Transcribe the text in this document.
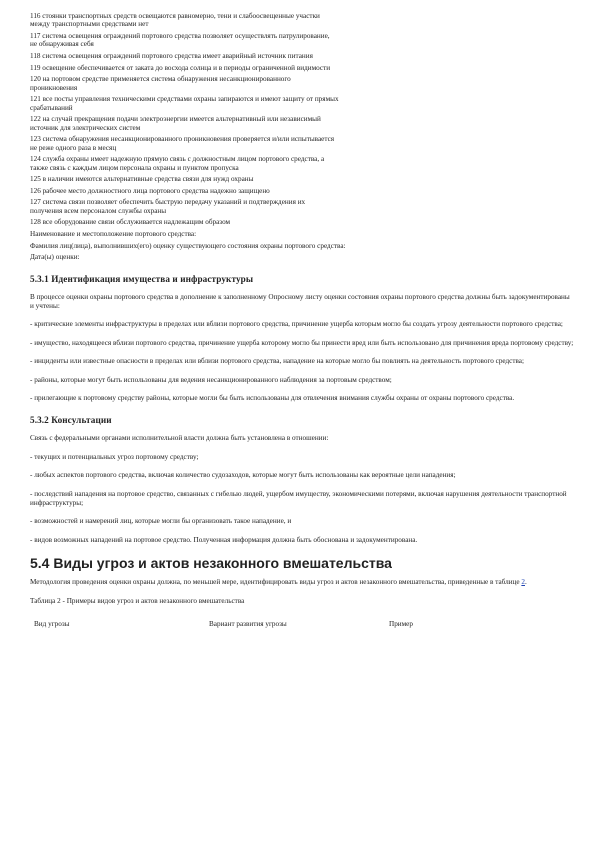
116 стоянки транспортных средств освещаются равномерно, тени и слабоосвещенные участки
между транспортными средствами нет
117 система освещения ограждений портового средства позволяет осуществлять патрулирование,
не обнаруживая себя
118 система освещения ограждений портового средства имеет аварийный источник питания
119 освещение обеспечивается от заката до восхода солнца и в периоды ограниченной видимости
120 на портовом средстве применяется система обнаружения несанкционированного
проникновения
121 все посты управления техническими средствами охраны запираются и имеют защиту от прямых
срабатываний
122 на случай прекращения подачи электроэнергии имеется альтернативный или независимый
источник для электрических систем
123 система обнаружения несанкционированного проникновения проверяется и/или испытывается
не реже одного раза в месяц
124 служба охраны имеет надежную прямую связь с должностным лицом портового средства, а
также связь с каждым лицом персонала охраны и пунктом пропуска
125 в наличии имеются альтернативные средства связи для нужд охраны
126 рабочее место должностного лица портового средства надежно защищено
127 система связи позволяет обеспечить быструю передачу указаний и подтверждения их
получения всем персоналом службы охраны
128 все оборудование связи обслуживается надлежащим образом
Наименование и местоположение портового средства:
Фамилия лиц(лица), выполнивших(его) оценку существующего состояния охраны портового средства:
Дата(ы) оценки:
5.3.1 Идентификация имущества и инфраструктуры
В процессе оценки охраны портового средства в дополнение к заполненному Опросному листу оценки состояния охраны портового средства должны быть задокументированы и учтены:
- критические элементы инфраструктуры в пределах или вблизи портового средства, причинение ущерба которым могло бы создать угрозу деятельности портового средства;
- имущество, находящееся вблизи портового средства, причинение ущерба которому могло бы принести вред или быть использовано для причинения вреда портовому средству;
- инциденты или известные опасности в пределах или вблизи портового средства, нападение на которые могло бы повлиять на деятельность портового средства;
- районы, которые могут быть использованы для ведения несанкционированного наблюдения за портовым средством;
- прилегающие к портовому средству районы, которые могли бы быть использованы для отвлечения внимания службы охраны от охраны портового средства.
5.3.2 Консультации
Связь с федеральными органами исполнительной власти должна быть установлена в отношении:
- текущих и потенциальных угроз портовому средству;
- любых аспектов портового средства, включая количество судозаходов, которые могут быть использованы как вероятные цели нападения;
- последствий нападения на портовое средство, связанных с гибелью людей, ущербом имуществу, экономическими потерями, включая нарушения деятельности транспортной инфраструктуры;
- возможностей и намерений лиц, которые могли бы организовать такое нападение, и
- видов возможных нападений на портовое средство. Полученная информация должна быть обоснована и задокументирована.
5.4 Виды угроз и актов незаконного вмешательства
Методология проведения оценки охраны должна, по меньшей мере, идентифицировать виды угроз и актов незаконного вмешательства, приведенные в таблице 2.
Таблица 2 - Примеры видов угроз и актов незаконного вмешательства
Вид угрозы	Вариант развития угрозы	Пример
